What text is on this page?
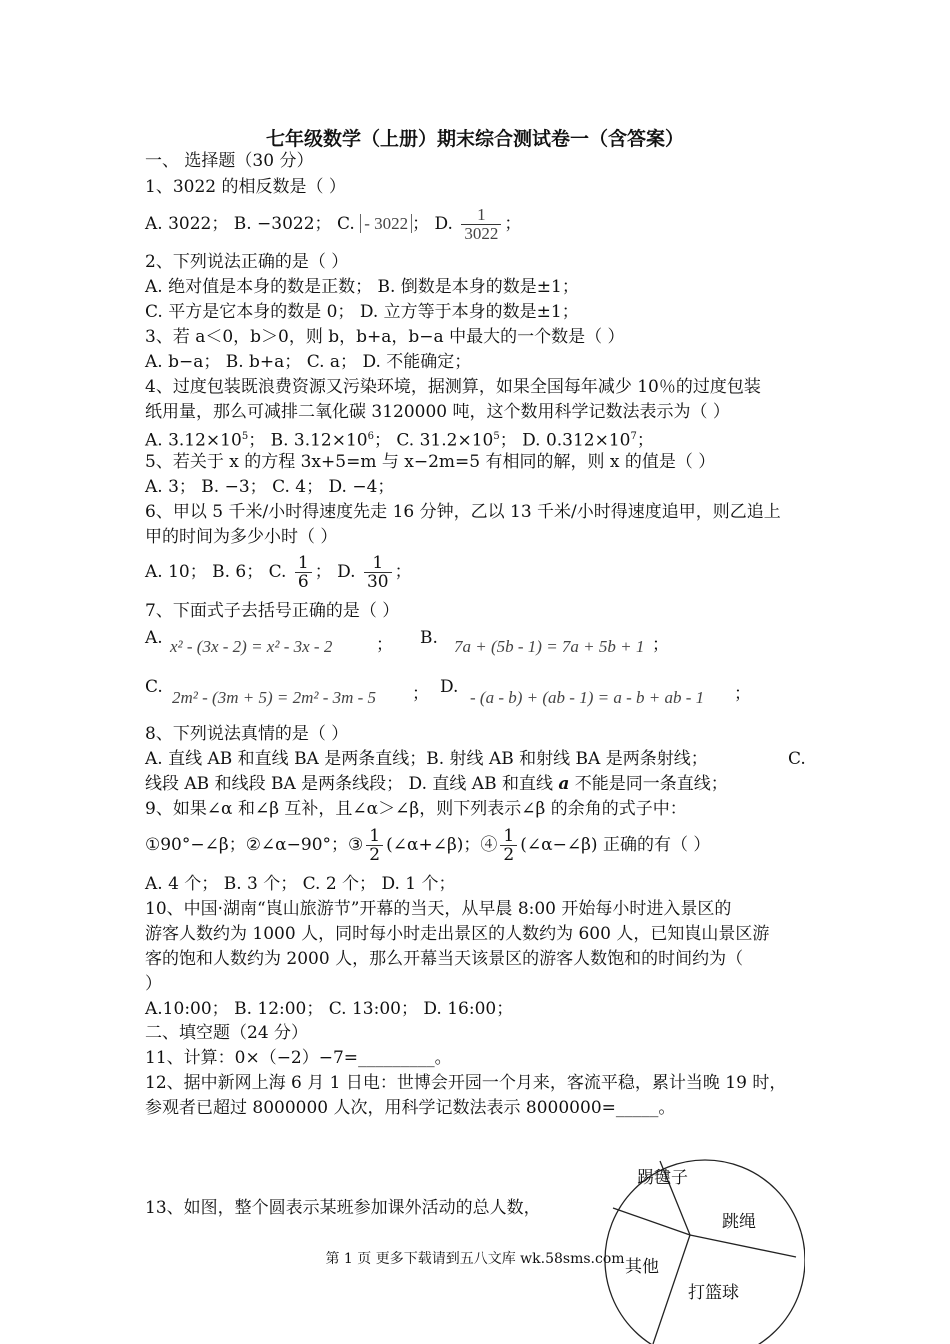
七年级数学（上册）期末综合测试卷一（含答案）
一、 选择题（30 分）
1、3022 的相反数是（ ）
A. 3022； B. −3022； C. - 3022 ； D. $\frac{1}{3022}$ ；
2、下列说法正确的是（ ）
A. 绝对值是本身的数是正数； B. 倒数是本身的数是±1；
C. 平方是它本身的数是 0； D. 立方等于本身的数是±1；
3、若 a＜0，b＞0，则 b，b+a，b−a 中最大的一个数是（ ）
A. b−a； B. b+a； C. a； D. 不能确定；
4、过度包装既浪费资源又污染环境，据测算，如果全国每年减少 10％的过度包装
纸用量，那么可减排二氧化碳 3120000 吨，这个数用科学记数法表示为（ ）
A. $3.12\times 10^5$； B. $3.12\times 10^6$； C. $31.2\times 10^5$； D. $0.312\times 10^7$；
5、若关于 x 的方程 3x+5=m 与 x−2m=5 有相同的解，则 x 的值是（ ）
A. 3； B. −3； C. 4； D. −4；
6、甲以 5 千米/小时得速度先走 16 分钟，乙以 13 千米/小时得速度追甲，则乙追上
甲的时间为多少小时（ ）
A. 10； B. 6； C. $\frac{1}{6}$ ； D. $\frac{1}{30}$ ；
7、下面式子去括号正确的是（ ）
A. x² - (3x - 2) = x² - 3x - 2	； B. 7a + (5b - 1) = 7a + 5b + 1 ；
C.
2m² - (3m + 5) = 2m² - 3m - 5 ； D.
- (a - b) + (ab - 1) = a - b + ab - 1 ；
8、下列说法真情的是（ ）
A. 直线 AB 和直线 BA 是两条直线；B. 射线 AB 和射线 BA 是两条射线；	C.
线段 AB 和线段 BA 是两条线段； D. 直线 AB 和直线 a 不能是同一条直线；
9、如果∠α 和∠β 互补，且∠α＞∠β，则下列表示∠β 的余角的式子中：
①90°−∠β；②∠α−90°；③ $\frac{1}{2}$ (∠α+∠β)；④ $\frac{1}{2}$ (∠α−∠β) 正确的有（ ）
A. 4 个； B. 3 个； C. 2 个； D. 1 个；
10、中国·湖南“崀山旅游节”开幕的当天，从早晨 8:00 开始每小时进入景区的
游客人数约为 1000 人，同时每小时走出景区的人数约为 600 人，已知崀山景区游
客的饱和人数约为 2000 人，那么开幕当天该景区的游客人数饱和的时间约为（
）
A.10:00； B. 12:00； C. 13:00； D. 16:00；
二、填空题（24 分）
11、计算：0×（−2）−7=_________。
12、据中新网上海 6 月 1 日电：世博会开园一个月来，客流平稳，累计当晚 19 时，
参观者已超过 8000000 人次，用科学记数法表示 8000000=_____。
13、如图，整个圆表示某班参加课外活动的总人数，
踢毽子
跳绳
打篮球
其他
第 1 页 更多下载请到五八文库 wk.58sms.com
